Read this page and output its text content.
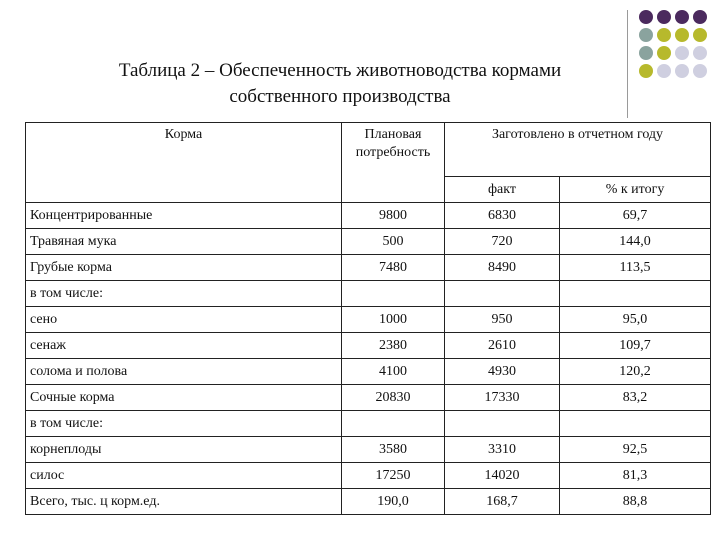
Таблица 2 – Обеспеченность животноводства кормами
собственного производства
Корма	Плановая потребность	Заготовлено в отчетном году	
		факт	% к итогу
Концентрированные	9800	6830	69,7
Травяная мука	500	720	144,0
Грубые корма	7480	8490	113,5
в том числе:			
сено	1000	950	95,0
сенаж	2380	2610	109,7
солома и полова	4100	4930	120,2
Сочные корма	20830	17330	83,2
в том числе:			
корнеплоды	3580	3310	92,5
силос	17250	14020	81,3
Всего, тыс. ц корм.ед.	190,0	168,7	88,8
